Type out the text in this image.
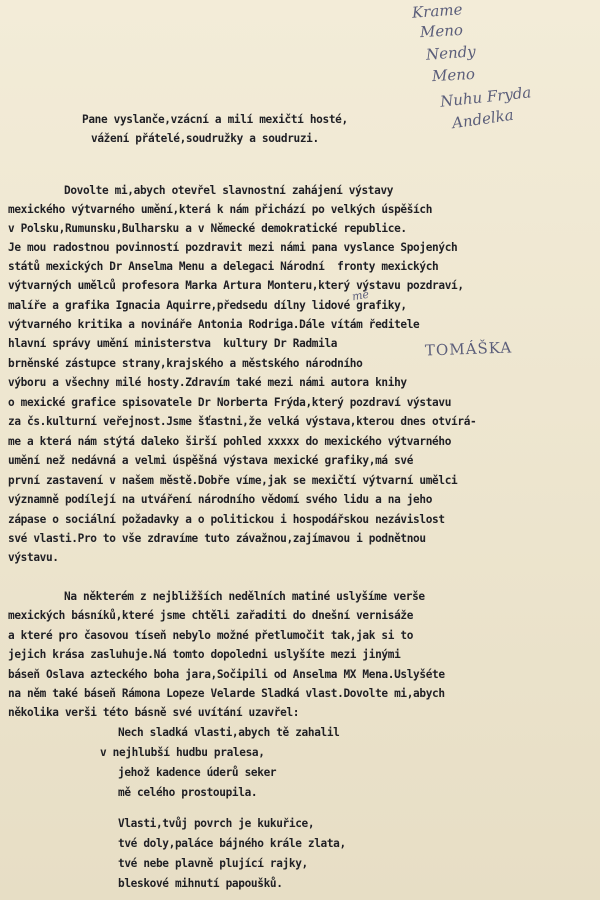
Krame
Meno
Nendy
Meno
Nuhu Fryda
Andelka
Pane vyslanče,vzácní a milí mexičtí hosté,
vážení přátelé,soudružky a soudruzi.
Dovolte mi,abych otevřel slavnostní zahájení výstavy
mexického výtvarného umění,která k nám přichází po velkých úspěších
v Polsku,Rumunsku,Bulharsku a v Německé demokratické republice.
Je mou radostnou povinností pozdravit mezi námi pana vyslance Spojených
států mexických Dr Anselma Menu a delegaci Národní  fronty mexických
výtvarných umělců profesora Marka Artura Monteru,který výstavu pozdraví,
malíře a grafika Ignacia Aquirre,předsedu dílny lidové grafiky,
výtvarného kritika a novináře Antonia Rodriga.Dále vítám ředitele
hlavní správy umění ministerstva  kultury Dr Radmila
brněnské zástupce strany,krajského a městského národního
výboru a všechny milé hosty.Zdravím také mezi námi autora knihy
o mexické grafice spisovatele Dr Norberta Frýda,který pozdraví výstavu
za čs.kulturní veřejnost.Jsme šťastni,že velká výstava,kterou dnes otvírá-
me a která nám stýtá daleko širší pohled xxxxx do mexického výtvarného
umění než nedávná a velmi úspěšná výstava mexické grafiky,má své
první zastavení v našem městě.Dobře víme,jak se mexičtí výtvarní umělci
významně podílejí na utváření národního vědomí svého lidu a na jeho
zápase o sociální požadavky a o politickou i hospodářskou nezávislost
své vlasti.Pro to vše zdravíme tuto závažnou,zajímavou i podnětnou
výstavu.
Na některém z nejbližších nedělních matiné uslyšíme verše
mexických básníků,které jsme chtěli zařaditi do dnešní vernisáže
a které pro časovou tíseň nebylo možné přetlumočit tak,jak si to
jejich krása zasluhuje.Ná tomto dopoledni uslyšíte mezi jinými
báseň Oslava azteckého boha jara,Sočipili od Anselma MX Mena.Uslyšéte
na něm také báseň Rámona Lopeze Velarde Sladká vlast.Dovolte mi,abych
několika verši této básně své uvítání uzavřel:
Nech sladká vlasti,abych tě zahalil
v nejhlubší hudbu pralesa,
jehož kadence úderů seker
mě celého prostoupila.
Vlasti,tvůj povrch je kukuřice,
tvé doly,paláce bájného krále zlata,
tvé nebe plavně plující rajky,
bleskové mihnutí papoušků.
mě
TOMÁŠKA
